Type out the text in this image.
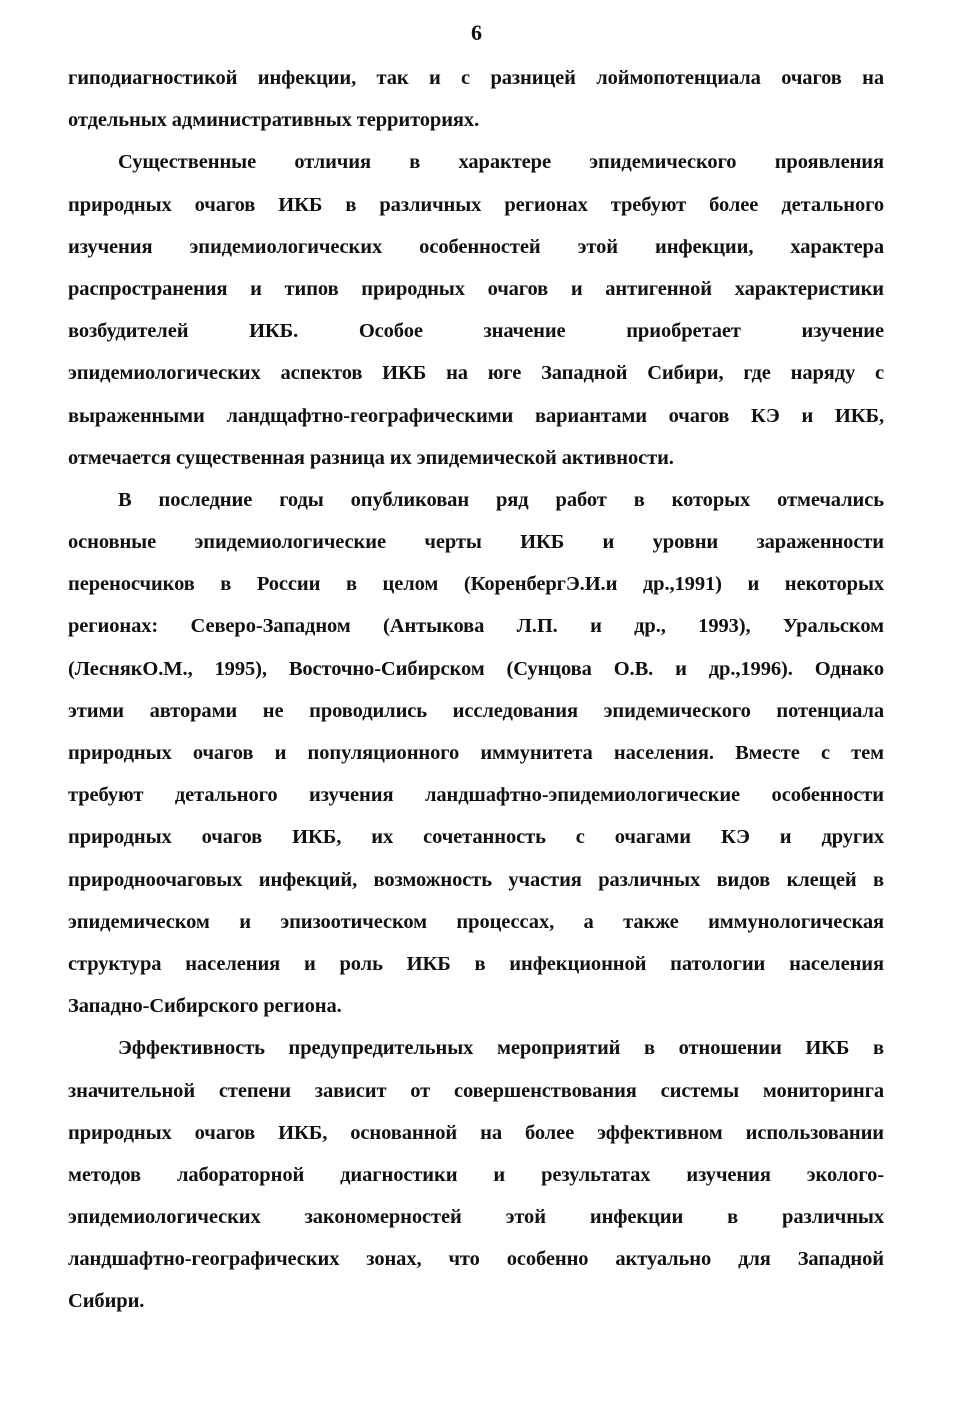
6

гиподиагностикой инфекции, так и с разницей лоймопотенциала очагов на
отдельных административных территориях.

Существенные отличия в характере эпидемического проявления
природных очагов ИКБ в различных регионах требуют более детального
изучения эпидемиологических особенностей этой инфекции, характера
распространения и типов природных очагов и антигенной характеристики
возбудителей ИКБ. Особое значение приобретает изучение
эпидемиологических аспектов ИКБ на юге Западной Сибири, где наряду с
выраженными ландщафтно-географическими вариантами очагов КЭ и ИКБ,
отмечается существенная разница их эпидемической активности.

В последние годы опубликован ряд работ в которых отмечались
основные эпидемиологические черты ИКБ и уровни зараженности
переносчиков в России в целом (КоренбергЭ.И.и др.,1991) и некоторых
регионах: Северо-Западном (Антыкова Л.П. и др., 1993), Уральском
(ЛеснякО.М., 1995), Восточно-Сибирском (Сунцова О.В. и др.,1996). Однако
этими авторами не проводились исследования эпидемического потенциала
природных очагов и популяционного иммунитета населения. Вместе с тем
требуют детального изучения ландшафтно-эпидемиологические особенности
природных очагов ИКБ, их сочетанность с очагами КЭ и других
природноочаговых инфекций, возможность участия различных видов клещей в
эпидемическом и эпизоотическом процессах, а также иммунологическая
структура населения и роль ИКБ в инфекционной патологии населения
Западно-Сибирского региона.

Эффективность предупредительных мероприятий в отношении ИКБ в
значительной степени зависит от совершенствования системы мониторинга
природных очагов ИКБ, основанной на более эффективном использовании
методов лабораторной диагностики и результатах изучения эколого-
эпидемиологических закономерностей этой инфекции в различных
ландшафтно-географических зонах, что особенно актуально для Западной
Сибири.
